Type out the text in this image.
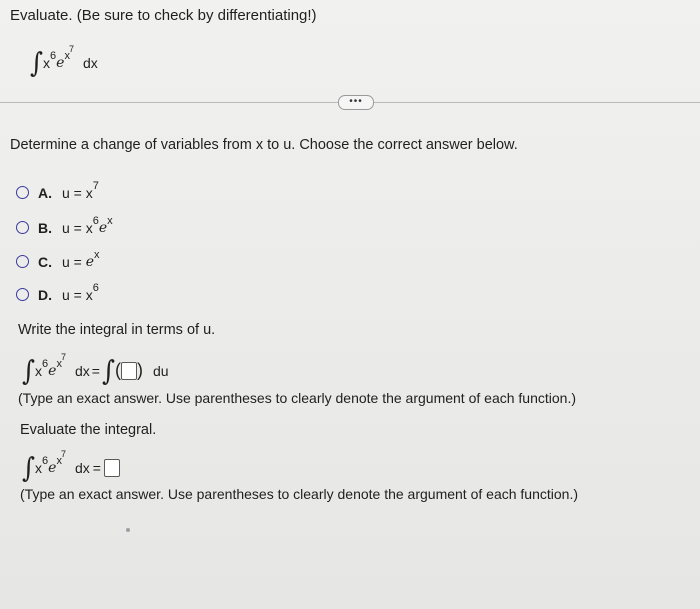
Evaluate. (Be sure to check by differentiating!)
∫ x 6 e x
7
dx
•••
Determine a change of variables from x to u. Choose the correct answer below.
A. u = x 7
B. u = x 6 e x
C. u = e x
D. u = x 6
Write the integral in terms of u.
∫ x 6 e x
7
dx = ∫ ( ) du
(Type an exact answer. Use parentheses to clearly denote the argument of each function.)
Evaluate the integral.
∫ x 6 e x
7
dx =
(Type an exact answer. Use parentheses to clearly denote the argument of each function.)
